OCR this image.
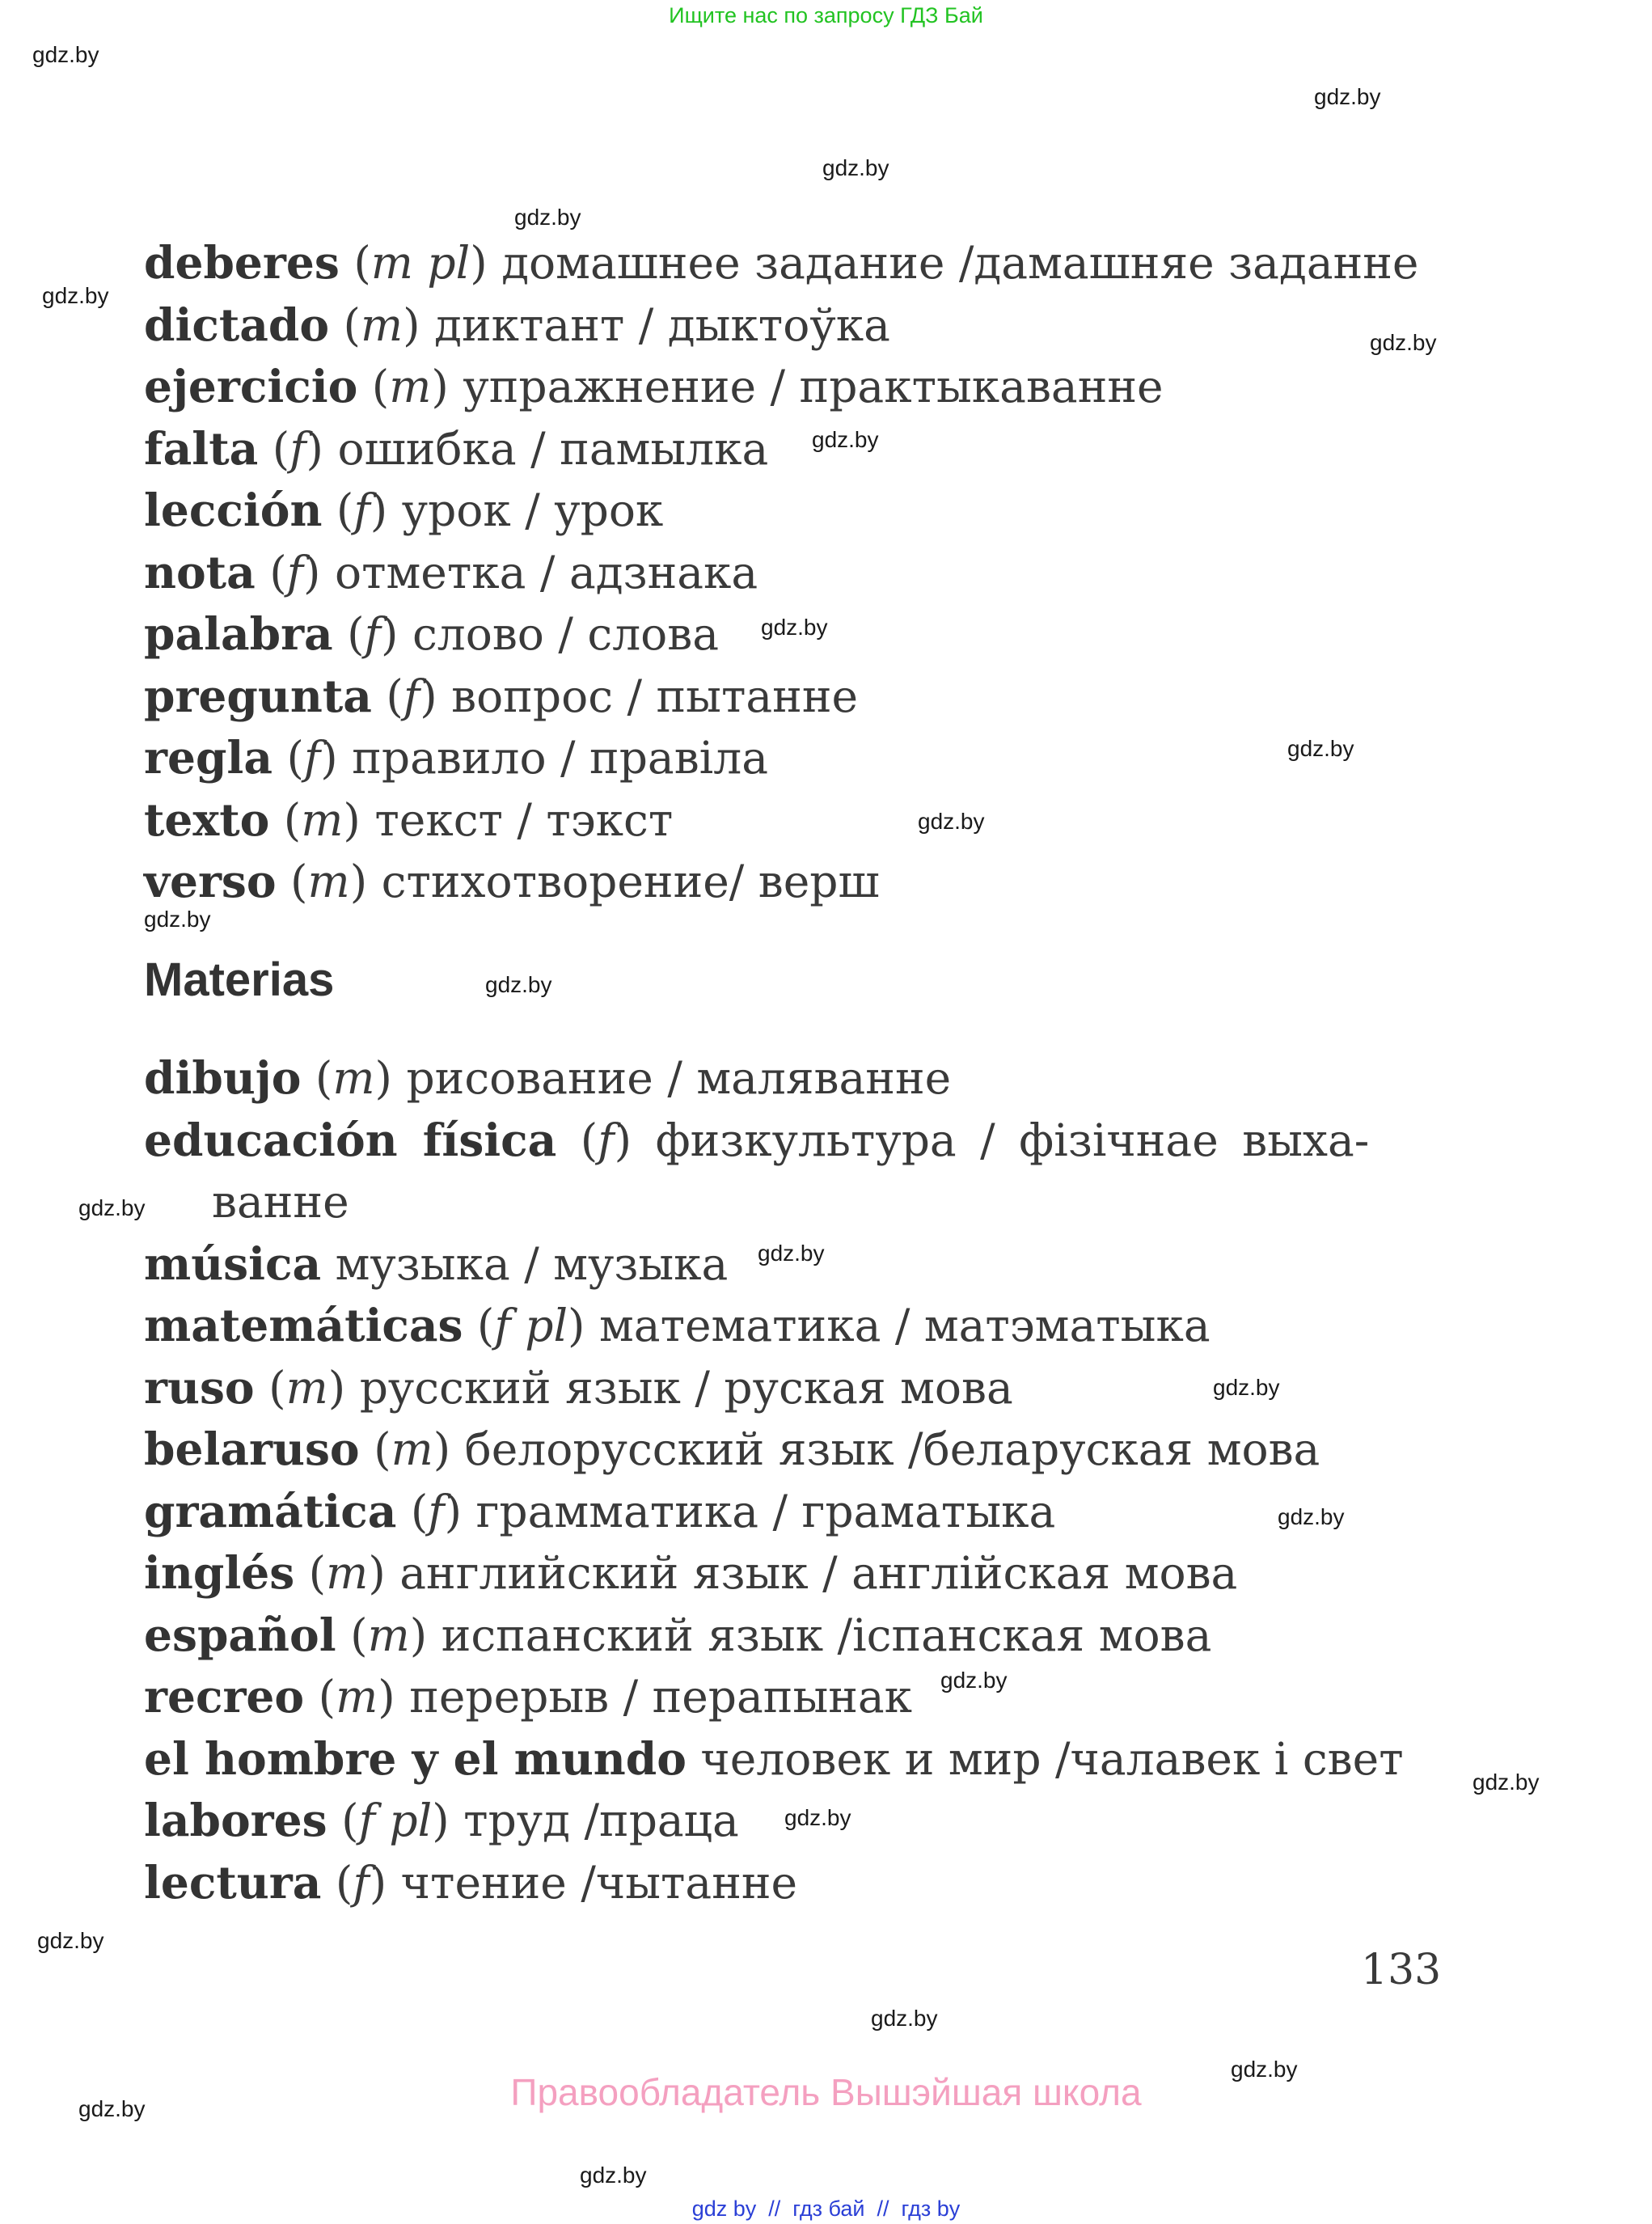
Ищите нас по запросу ГДЗ Бай
gdz.by
gdz.by
gdz.by
gdz.by
gdz.by
gdz.by
gdz.by
gdz.by
gdz.by
gdz.by
gdz.by
gdz.by
gdz.by
gdz.by
gdz.by
gdz.by
gdz.by
gdz.by
gdz.by
gdz.by
gdz.by
gdz.by
gdz.by
gdz.by
deberes (m pl) домашнее задание /дамашняе заданне
dictado (m) диктант / дыктоўка
ejercicio (m) упражнение / практыкаванне
falta (f) ошибка / памылка
lección (f) урок / урок
nota (f) отметка / адзнака
palabra (f) слово / слова
pregunta (f) вопрос / пытанне
regla (f) правило / правіла
texto (m) текст / тэкст
verso (m) стихотворение/ верш
Materias
dibujo (m) рисование / маляванне
educación física (f) физкультура / фізічнае выха-
ванне
música музыка / музыка
matemáticas (f pl) математика / матэматыка
ruso (m) русский язык / руская мова
belaruso (m) белорусский язык /беларуская мова
gramática (f) грамматика / граматыка
inglés (m) английский язык / англійская мова
español (m) испанский язык /іспанская мова
recreo (m) перерыв / перапынак
el hombre y el mundo человек и мир /чалавек і свет
labores (f pl) труд /праца
lectura (f) чтение /чытанне
133
Правообладатель Вышэйшая школа
gdz by  //  гдз бай  //  гдз by
